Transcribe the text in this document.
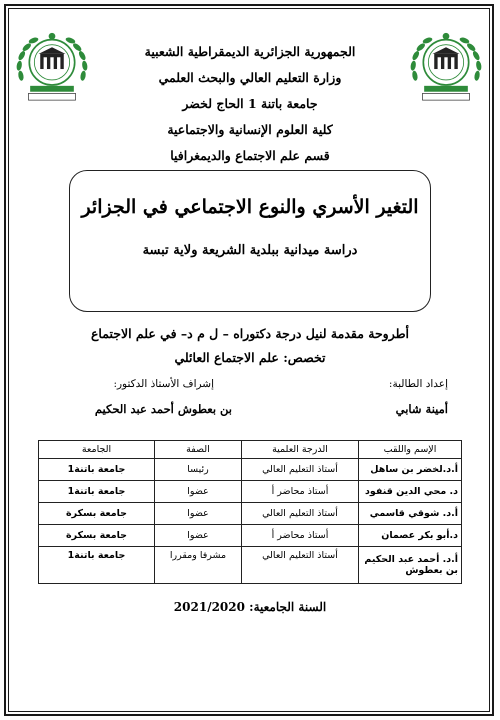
الجمهورية الجزائرية الديمقراطية الشعبية
وزارة التعليم العالي والبحث العلمي
جامعة باتنة 1 الحاج لخضر
كلية العلوم الإنسانية والاجتماعية
قسم علم الاجتماع والديمغرافيا
التغير الأسري والنوع الاجتماعي في الجزائر
دراسة ميدانية ببلدية الشريعة ولاية تبسة
أطروحة مقدمة لنيل درجة دكتوراه – ل م د– في علم الاجتماع
تخصص: علم الاجتماع العائلي
إعداد الطالبة:
إشراف الأستاذ الدكتور:
أمينة شابي
بن بعطوش أحمد عبد الحكيم
الإسم واللقب	الدرجة العلمية	الصفة	الجامعة
أ.د.لخضر بن ساهل	أستاذ التعليم العالي	رئيسا	جامعة باتنة1
د. محي الدين قنفود	أستاذ محاضر أ	عضوا	جامعة باتنة1
أ.د. شوقي قاسمي	أستاذ التعليم العالي	عضوا	جامعة بسكرة
د.أبو بكر عصمان	أستاذ محاضر أ	عضوا	جامعة بسكرة
أ.د. أحمد عبد الحكيم بن بعطوش	أستاذ التعليم العالي	مشرفا ومقررا	جامعة باتنة1
السنة الجامعية: 2021/2020
